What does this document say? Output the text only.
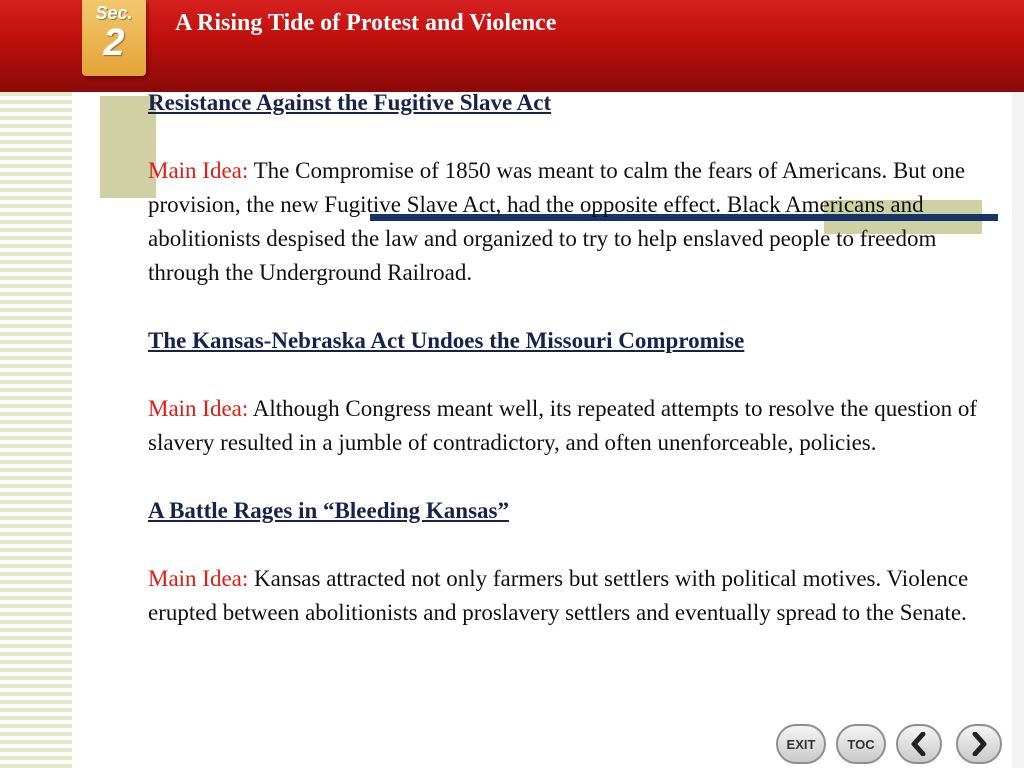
Sec.
2	A Rising Tide of Protest and Violence

Resistance Against the Fugitive Slave Act

Main Idea: The Compromise of 1850 was meant to calm the fears of Americans. But one provision, the new Fugitive Slave Act, had the opposite effect. Black Americans and abolitionists despised the law and organized to try to help enslaved people to freedom through the Underground Railroad.

The Kansas-Nebraska Act Undoes the Missouri Compromise

Main Idea: Although Congress meant well, its repeated attempts to resolve the question of slavery resulted in a jumble of contradictory, and often unenforceable, policies.

A Battle Rages in “Bleeding Kansas”

Main Idea: Kansas attracted not only farmers but settlers with political motives. Violence erupted between abolitionists and proslavery settlers and eventually spread to the Senate.

EXIT TOC
